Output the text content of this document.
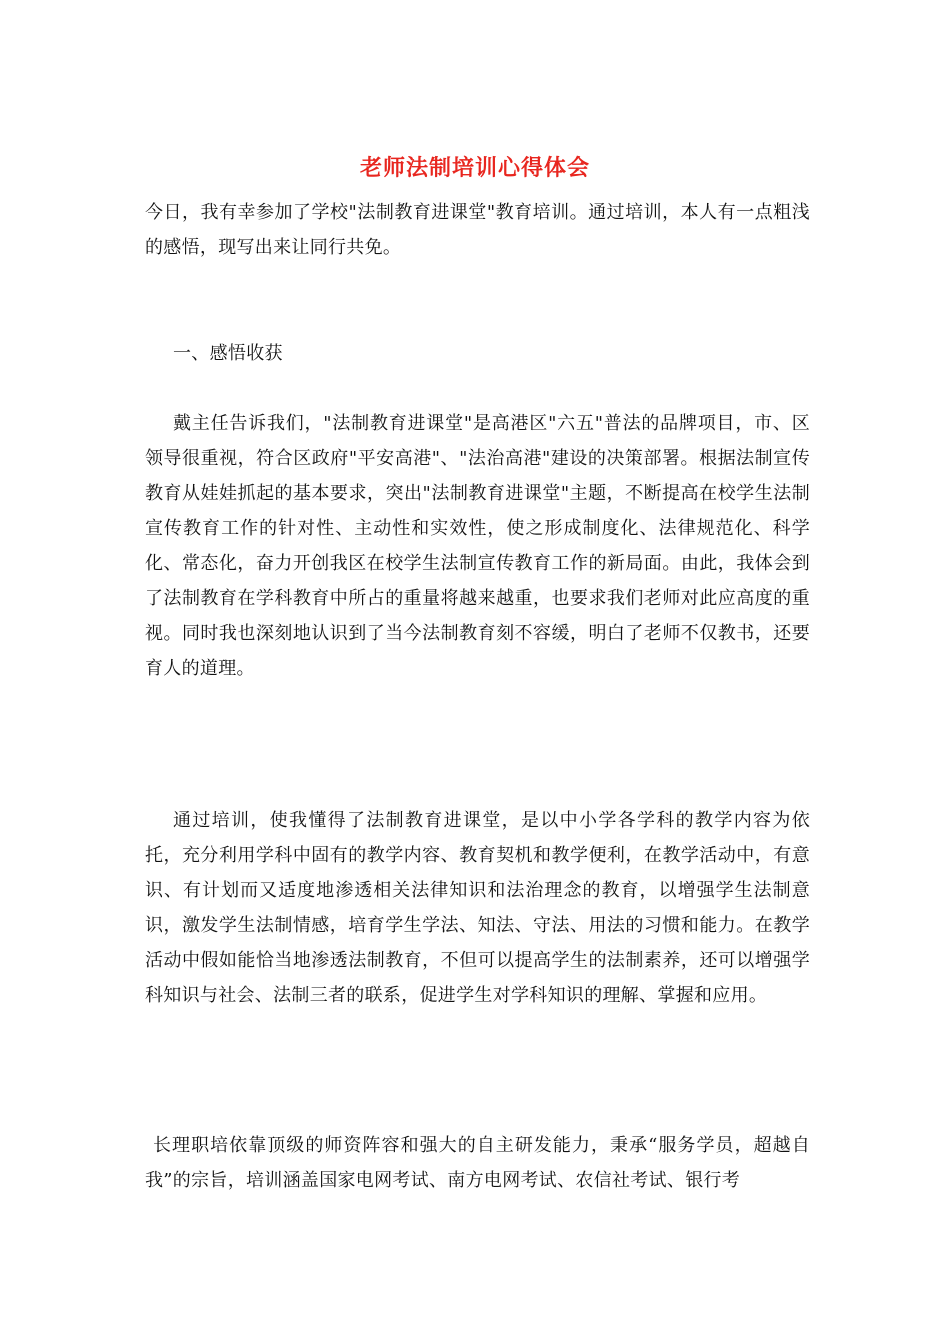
老师法制培训心得体会

今日，我有幸参加了学校"法制教育进课堂"教育培训。通过培训，本人有一点粗浅的感悟，现写出来让同行共免。

一、感悟收获

戴主任告诉我们，"法制教育进课堂"是高港区"六五"普法的品牌项目，市、区领导很重视，符合区政府"平安高港"、"法治高港"建设的决策部署。根据法制宣传教育从娃娃抓起的基本要求，突出"法制教育进课堂"主题，不断提高在校学生法制宣传教育工作的针对性、主动性和实效性，使之形成制度化、法律规范化、科学化、常态化，奋力开创我区在校学生法制宣传教育工作的新局面。由此，我体会到了法制教育在学科教育中所占的重量将越来越重，也要求我们老师对此应高度的重视。同时我也深刻地认识到了当今法制教育刻不容缓，明白了老师不仅教书，还要育人的道理。

通过培训，使我懂得了法制教育进课堂，是以中小学各学科的教学内容为依托，充分利用学科中固有的教学内容、教育契机和教学便利，在教学活动中，有意识、有计划而又适度地渗透相关法律知识和法治理念的教育，以增强学生法制意识，激发学生法制情感，培育学生学法、知法、守法、用法的习惯和能力。在教学活动中假如能恰当地渗透法制教育，不但可以提高学生的法制素养，还可以增强学科知识与社会、法制三者的联系，促进学生对学科知识的理解、掌握和应用。

长理职培依靠顶级的师资阵容和强大的自主研发能力，秉承“服务学员，超越自我”的宗旨，培训涵盖国家电网考试、南方电网考试、农信社考试、银行考
